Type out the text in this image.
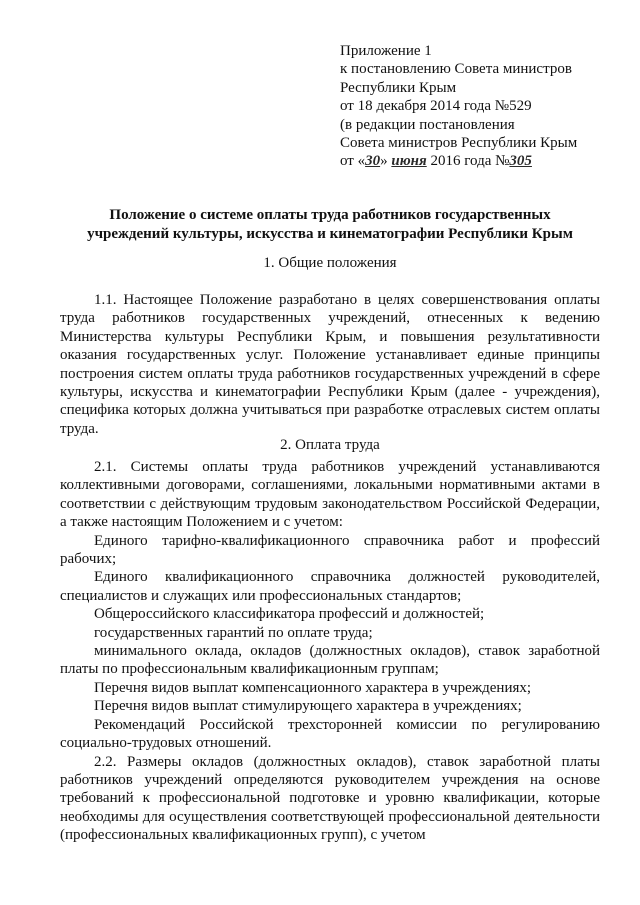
Приложение 1
к постановлению Совета министров
Республики Крым
от 18 декабря 2014 года №529
(в редакции постановления
Совета министров Республики Крым
от «30» июня 2016 года №305
Положение о системе оплаты труда работников государственных
учреждений культуры, искусства и кинематографии Республики Крым
1. Общие положения

1.1. Настоящее Положение разработано в целях совершенствования оплаты труда работников государственных учреждений, отнесенных к ведению Министерства культуры Республики Крым, и повышения результативности оказания государственных услуг. Положение устанавливает единые принципы построения систем оплаты труда работников государственных учреждений в сфере культуры, искусства и кинематографии Республики Крым (далее - учреждения), специфика которых должна учитываться при разработке отраслевых систем оплаты труда.

2. Оплата труда

2.1. Системы оплаты труда работников учреждений устанавливаются коллективными договорами, соглашениями, локальными нормативными актами в соответствии с действующим трудовым законодательством Российской Федерации, а также настоящим Положением и с учетом:

Единого тарифно-квалификационного справочника работ и профессий рабочих;

Единого квалификационного справочника должностей руководителей, специалистов и служащих или профессиональных стандартов;

Общероссийского классификатора профессий и должностей;

государственных гарантий по оплате труда;

минимального оклада, окладов (должностных окладов), ставок заработной платы по профессиональным квалификационным группам;

Перечня видов выплат компенсационного характера в учреждениях;

Перечня видов выплат стимулирующего характера в учреждениях;

Рекомендаций Российской трехсторонней комиссии по регулированию социально-трудовых отношений.

2.2. Размеры окладов (должностных окладов), ставок заработной платы работников учреждений определяются руководителем учреждения на основе требований к профессиональной подготовке и уровню квалификации, которые необходимы для осуществления соответствующей профессиональной деятельности (профессиональных квалификационных групп), с учетом
